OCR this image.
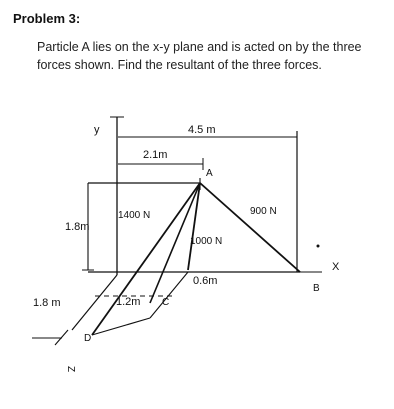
Problem 3:
Particle A lies on the x-y plane and is acted on by the three forces shown. Find the resultant of the three forces.
y	4.5 m
2.1m
A
1400 N	900 N
1.8m
1000 N
X
0.6m
B
1.8 m	1.2m C
D
Z
